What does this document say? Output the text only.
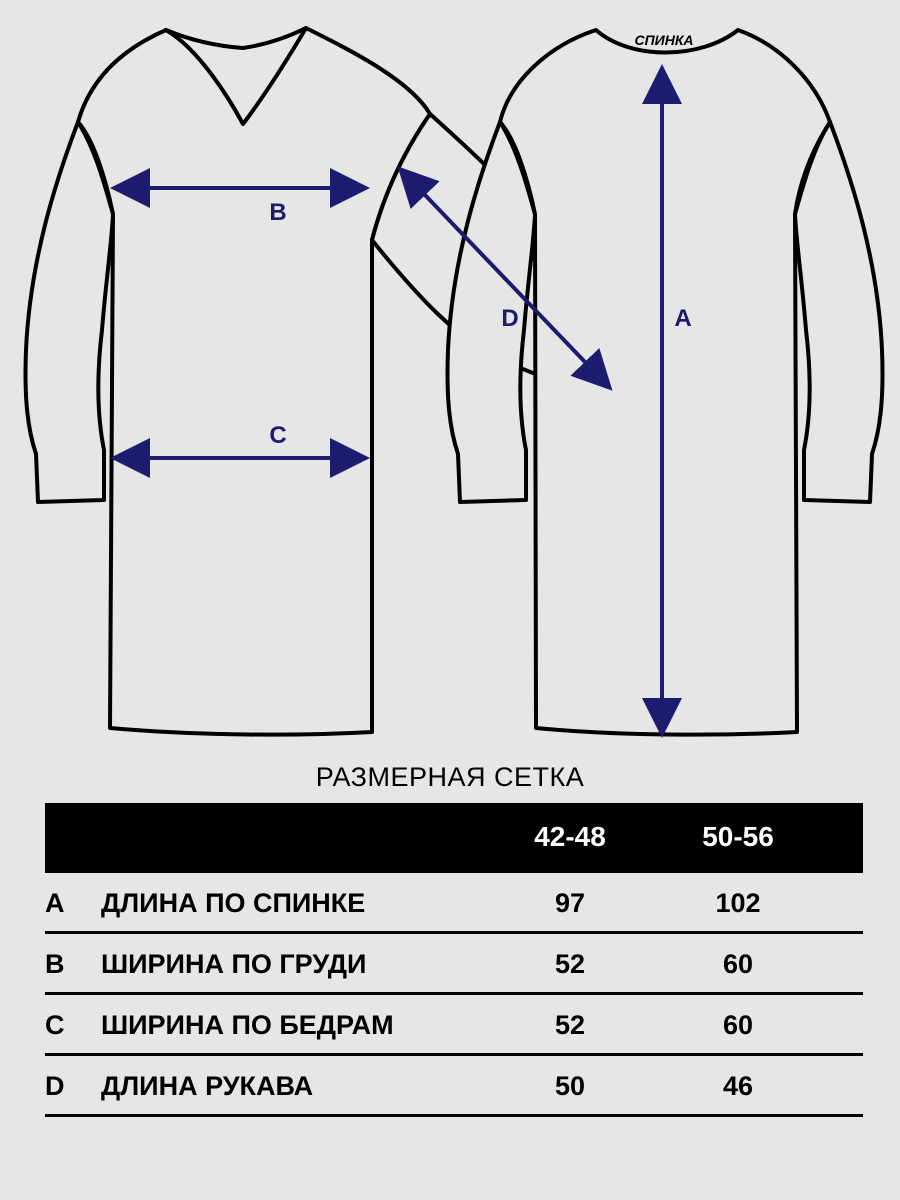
СПИНКА
B
C
D	A
РАЗМЕРНАЯ СЕТКА
42-48	50-56
A ДЛИНА ПО СПИНКЕ	97	102
B ШИРИНА ПО ГРУДИ	52	60
C ШИРИНА ПО БЕДРАМ	52	60
D ДЛИНА РУКАВА	50	46
